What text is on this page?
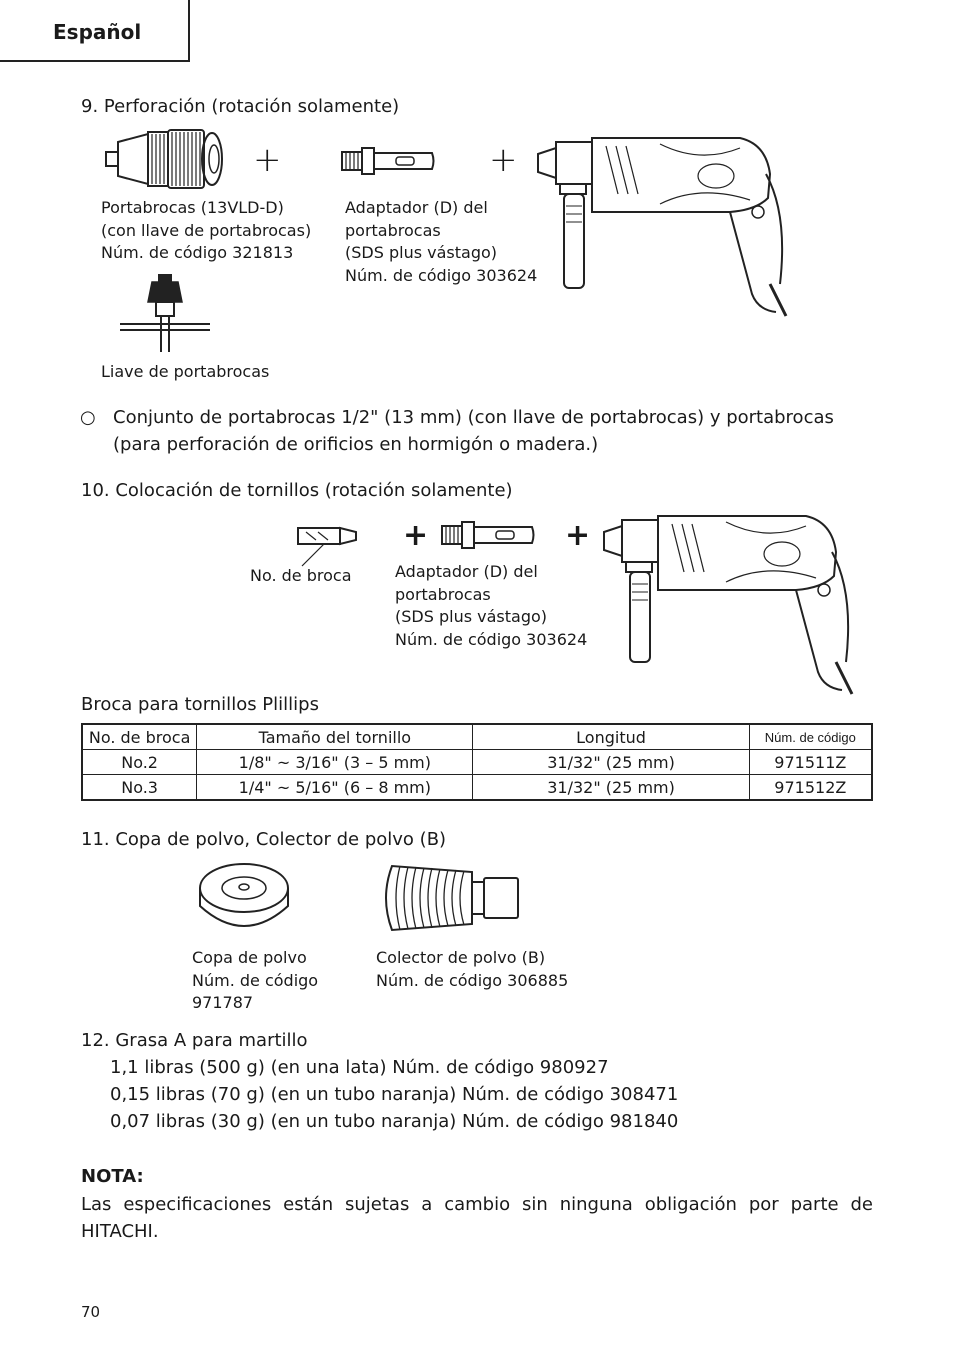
Español
9. Perforación (rotación solamente)
+	+
Portabrocas (13VLD-D)
(con llave de portabrocas)
Núm. de código 321813
Adaptador (D) del
portabrocas
(SDS plus vástago)
Núm. de código 303624
Liave de portabrocas
○ Conjunto de portabrocas 1/2" (13 mm) (con llave de portabrocas) y portabrocas
(para perforación de orificios en hormigón o madera.)
10. Colocación de tornillos (rotación solamente)
+	+
No. de broca	Adaptador (D) del
portabrocas
(SDS plus vástago)
Núm. de código 303624
Broca para tornillos Plillips
No. de broca	Tamaño del tornillo	Longitud	Núm. de código
No.2	1/8" ~ 3/16" (3 – 5 mm)	31/32" (25 mm)	971511Z
No.3	1/4" ~ 5/16" (6 – 8 mm)	31/32" (25 mm)	971512Z
11. Copa de polvo, Colector de polvo (B)
Copa de polvo
Núm. de código
971787
Colector de polvo (B)
Núm. de código 306885
12. Grasa A para martillo
1,1 libras (500 g) (en una lata) Núm. de código 980927
0,15 libras (70 g) (en un tubo naranja) Núm. de código 308471
0,07 libras (30 g) (en un tubo naranja) Núm. de código 981840
NOTA:
Las especificaciones están sujetas a cambio sin ninguna obligación por parte de HITACHI.
70
